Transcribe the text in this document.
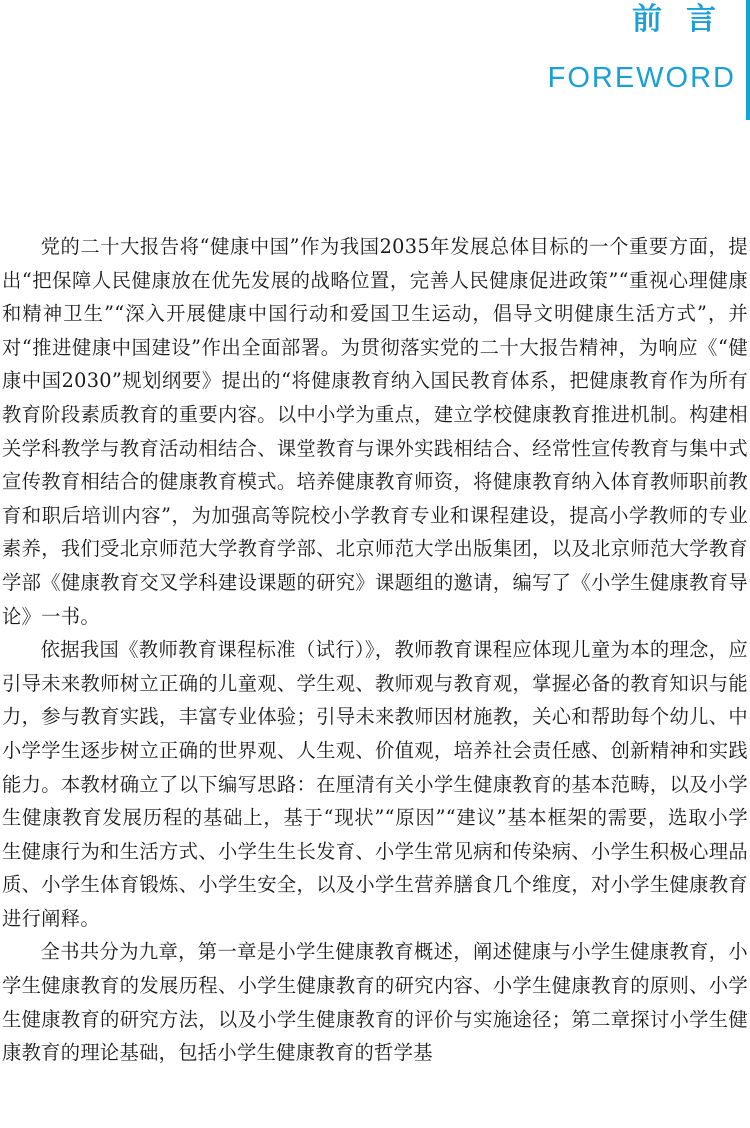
前言
FOREWORD

党的二十大报告将“健康中国”作为我国2035年发展总体目标的一个重要方面，提出“把保障人民健康放在优先发展的战略位置，完善人民健康促进政策”“重视心理健康和精神卫生”“深入开展健康中国行动和爱国卫生运动，倡导文明健康生活方式”，并对“推进健康中国建设”作出全面部署。为贯彻落实党的二十大报告精神，为响应《“健康中国2030”规划纲要》提出的“将健康教育纳入国民教育体系，把健康教育作为所有教育阶段素质教育的重要内容。以中小学为重点，建立学校健康教育推进机制。构建相关学科教学与教育活动相结合、课堂教育与课外实践相结合、经常性宣传教育与集中式宣传教育相结合的健康教育模式。培养健康教育师资，将健康教育纳入体育教师职前教育和职后培训内容”，为加强高等院校小学教育专业和课程建设，提高小学教师的专业素养，我们受北京师范大学教育学部、北京师范大学出版集团，以及北京师范大学教育学部《健康教育交叉学科建设课题的研究》课题组的邀请，编写了《小学生健康教育导论》一书。

依据我国《教师教育课程标准（试行）》，教师教育课程应体现儿童为本的理念，应引导未来教师树立正确的儿童观、学生观、教师观与教育观，掌握必备的教育知识与能力，参与教育实践，丰富专业体验；引导未来教师因材施教，关心和帮助每个幼儿、中小学学生逐步树立正确的世界观、人生观、价值观，培养社会责任感、创新精神和实践能力。本教材确立了以下编写思路：在厘清有关小学生健康教育的基本范畴，以及小学生健康教育发展历程的基础上，基于“现状”“原因”“建议”基本框架的需要，选取小学生健康行为和生活方式、小学生生长发育、小学生常见病和传染病、小学生积极心理品质、小学生体育锻炼、小学生安全，以及小学生营养膳食几个维度，对小学生健康教育进行阐释。

全书共分为九章，第一章是小学生健康教育概述，阐述健康与小学生健康教育，小学生健康教育的发展历程、小学生健康教育的研究内容、小学生健康教育的原则、小学生健康教育的研究方法，以及小学生健康教育的评价与实施途径；第二章探讨小学生健康教育的理论基础，包括小学生健康教育的哲学基
